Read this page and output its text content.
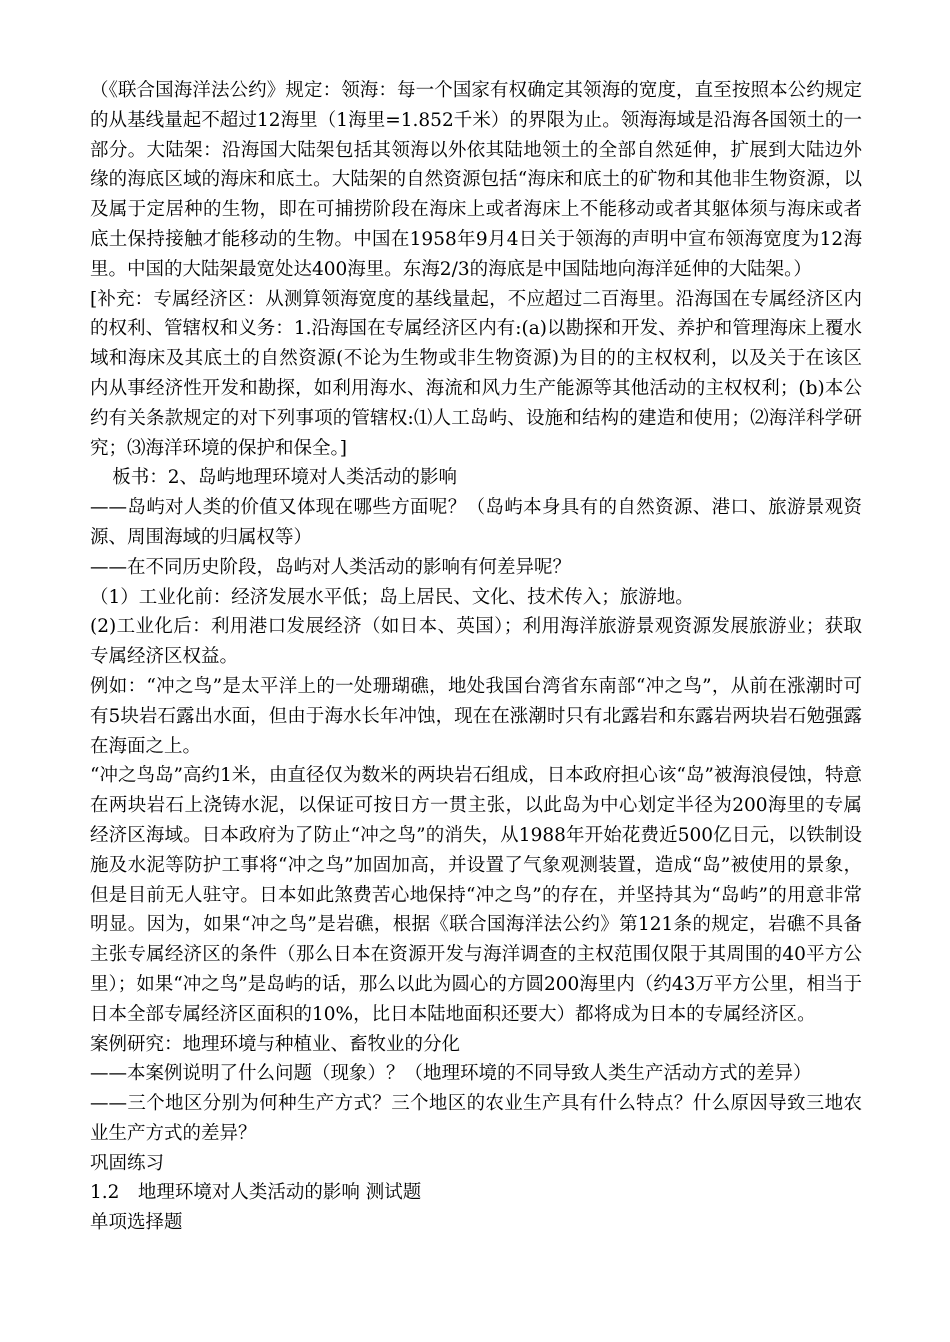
（《联合国海洋法公约》规定：领海：每一个国家有权确定其领海的宽度，直至按照本公约规定的从基线量起不超过12海里（1海里=1.852千米）的界限为止。领海海域是沿海各国领土的一部分。大陆架：沿海国大陆架包括其领海以外依其陆地领土的全部自然延伸，扩展到大陆边外缘的海底区域的海床和底土。大陆架的自然资源包括“海床和底土的矿物和其他非生物资源，以及属于定居种的生物，即在可捕捞阶段在海床上或者海床上不能移动或者其躯体须与海床或者底土保持接触才能移动的生物。中国在1958年9月4日关于领海的声明中宣布领海宽度为12海里。中国的大陆架最宽处达400海里。东海2/3的海底是中国陆地向海洋延伸的大陆架。）

[补充：专属经济区：从测算领海宽度的基线量起，不应超过二百海里。沿海国在专属经济区内的权利、管辖权和义务：1.沿海国在专属经济区内有:(a)以勘探和开发、养护和管理海床上覆水域和海床及其底土的自然资源(不论为生物或非生物资源)为目的的主权权利，以及关于在该区内从事经济性开发和勘探，如利用海水、海流和风力生产能源等其他活动的主权权利；(b)本公约有关条款规定的对下列事项的管辖权:⑴人工岛屿、设施和结构的建造和使用；⑵海洋科学研究；⑶海洋环境的保护和保全。]

板书：2、岛屿地理环境对人类活动的影响

——岛屿对人类的价值又体现在哪些方面呢？（岛屿本身具有的自然资源、港口、旅游景观资源、周围海域的归属权等）

——在不同历史阶段，岛屿对人类活动的影响有何差异呢？

（1）工业化前：经济发展水平低；岛上居民、文化、技术传入；旅游地。

(2)工业化后：利用港口发展经济（如日本、英国）；利用海洋旅游景观资源发展旅游业；获取专属经济区权益。

例如：“冲之鸟”是太平洋上的一处珊瑚礁，地处我国台湾省东南部“冲之鸟”，从前在涨潮时可有5块岩石露出水面，但由于海水长年冲蚀，现在在涨潮时只有北露岩和东露岩两块岩石勉强露在海面之上。

“冲之鸟岛”高约1米，由直径仅为数米的两块岩石组成，日本政府担心该“岛”被海浪侵蚀，特意在两块岩石上浇铸水泥，以保证可按日方一贯主张，以此岛为中心划定半径为200海里的专属经济区海域。日本政府为了防止“冲之鸟”的消失，从1988年开始花费近500亿日元，以铁制设施及水泥等防护工事将“冲之鸟”加固加高，并设置了气象观测装置，造成“岛”被使用的景象，但是目前无人驻守。日本如此煞费苦心地保持“冲之鸟”的存在，并坚持其为“岛屿”的用意非常明显。因为，如果“冲之鸟”是岩礁，根据《联合国海洋法公约》第121条的规定，岩礁不具备主张专属经济区的条件（那么日本在资源开发与海洋调查的主权范围仅限于其周围的40平方公里）；如果“冲之鸟”是岛屿的话，那么以此为圆心的方圆200海里内（约43万平方公里，相当于日本全部专属经济区面积的10%，比日本陆地面积还要大）都将成为日本的专属经济区。

案例研究：地理环境与种植业、畜牧业的分化

——本案例说明了什么问题（现象）？（地理环境的不同导致人类生产活动方式的差异）

——三个地区分别为何种生产方式？三个地区的农业生产具有什么特点？什么原因导致三地农业生产方式的差异？

巩固练习

1.2　地理环境对人类活动的影响 测试题

单项选择题
